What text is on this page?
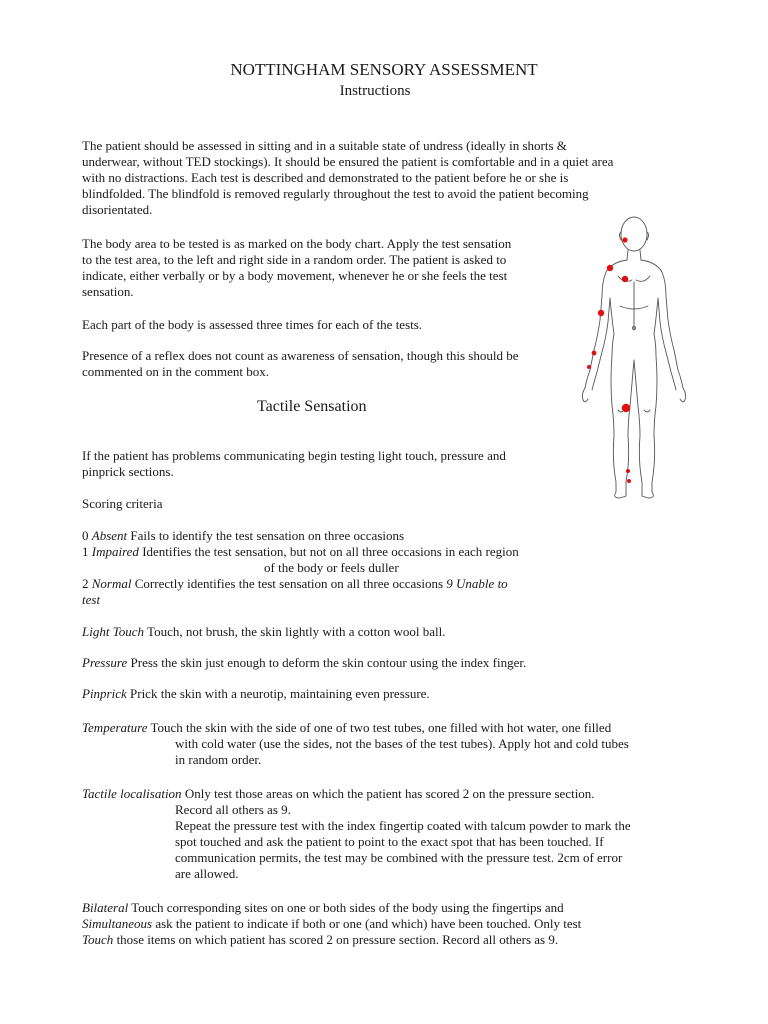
NOTTINGHAM SENSORY ASSESSMENT
Instructions
The patient should be assessed in sitting and in a suitable state of undress (ideally in shorts &
underwear, without TED stockings). It should be ensured the patient is comfortable and in a quiet area
with no distractions. Each test is described and demonstrated to the patient before he or she is
blindfolded. The blindfold is removed regularly throughout the test to avoid the patient becoming
disorientated.
The body area to be tested is as marked on the body chart. Apply the test sensation
to the test area, to the left and right side in a random order. The patient is asked to
indicate, either verbally or by a body movement, whenever he or she feels the test
sensation.
Each part of the body is assessed three times for each of the tests.
Presence of a reflex does not count as awareness of sensation, though this should be
commented on in the comment box.
Tactile Sensation
If the patient has problems communicating begin testing light touch, pressure and
pinprick sections.
Scoring criteria
0 Absent Fails to identify the test sensation on three occasions
1 Impaired Identifies the test sensation, but not on all three occasions in each region
of the body or feels duller
2 Normal Correctly identifies the test sensation on all three occasions 9 Unable to
test
Light Touch Touch, not brush, the skin lightly with a cotton wool ball.
Pressure Press the skin just enough to deform the skin contour using the index finger.
Pinprick Prick the skin with a neurotip, maintaining even pressure.
Temperature Touch the skin with the side of one of two test tubes, one filled with hot water, one filled
with cold water (use the sides, not the bases of the test tubes). Apply hot and cold tubes
in random order.
Tactile localisation Only test those areas on which the patient has scored 2 on the pressure section.
Record all others as 9.
Repeat the pressure test with the index fingertip coated with talcum powder to mark the
spot touched and ask the patient to point to the exact spot that has been touched. If
communication permits, the test may be combined with the pressure test. 2cm of error
are allowed.
Bilateral Touch corresponding sites on one or both sides of the body using the fingertips and
Simultaneous ask the patient to indicate if both or one (and which) have been touched. Only test
Touch those items on which patient has scored 2 on pressure section. Record all others as 9.
